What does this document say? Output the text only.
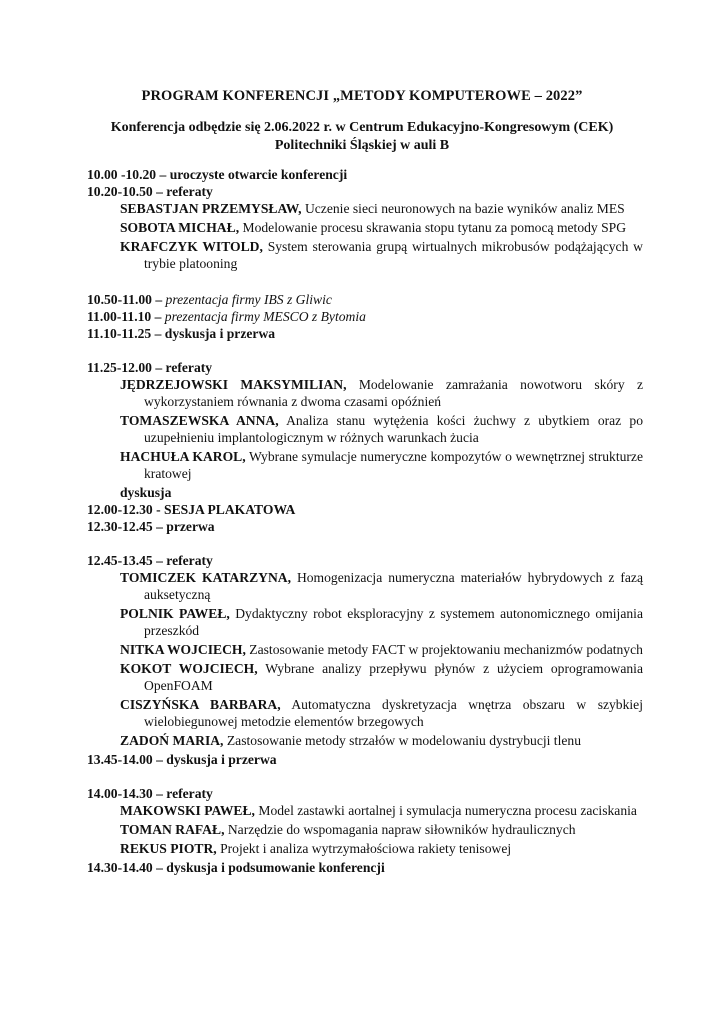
PROGRAM KONFERENCJI „METODY KOMPUTEROWE – 2022”
Konferencja odbędzie się 2.06.2022 r. w Centrum Edukacyjno-Kongresowym (CEK)
Politechniki Śląskiej w auli B
10.00 -10.20 – uroczyste otwarcie konferencji
10.20-10.50 – referaty
SEBASTJAN PRZEMYSŁAW, Uczenie sieci neuronowych na bazie wyników analiz MES
SOBOTA MICHAŁ, Modelowanie procesu skrawania stopu tytanu za pomocą metody SPG
KRAFCZYK WITOLD, System sterowania grupą wirtualnych mikrobusów podążających w trybie platooning
10.50-11.00 – prezentacja firmy IBS z Gliwic
11.00-11.10 – prezentacja firmy MESCO z Bytomia
11.10-11.25 – dyskusja i przerwa
11.25-12.00 – referaty
JĘDRZEJOWSKI MAKSYMILIAN, Modelowanie zamrażania nowotworu skóry z wykorzystaniem równania z dwoma czasami opóźnień
TOMASZEWSKA ANNA, Analiza stanu wytężenia kości żuchwy z ubytkiem oraz po uzupełnieniu implantologicznym w różnych warunkach żucia
HACHUŁA KAROL, Wybrane symulacje numeryczne kompozytów o wewnętrznej strukturze kratowej
dyskusja
12.00-12.30 - SESJA PLAKATOWA
12.30-12.45 – przerwa
12.45-13.45 – referaty
TOMICZEK KATARZYNA, Homogenizacja numeryczna materiałów hybrydowych z fazą auksetyczną
POLNIK PAWEŁ, Dydaktyczny robot eksploracyjny z systemem autonomicznego omijania przeszkód
NITKA WOJCIECH, Zastosowanie metody FACT w projektowaniu mechanizmów podatnych
KOKOT WOJCIECH, Wybrane analizy przepływu płynów z użyciem oprogramowania OpenFOAM
CISZYŃSKA BARBARA, Automatyczna dyskretyzacja wnętrza obszaru w szybkiej wielobiegunowej metodzie elementów brzegowych
ZADOŃ MARIA, Zastosowanie metody strzałów w modelowaniu dystrybucji tlenu
13.45-14.00 – dyskusja i przerwa
14.00-14.30 – referaty
MAKOWSKI PAWEŁ, Model zastawki aortalnej i symulacja numeryczna procesu zaciskania
TOMAN RAFAŁ, Narzędzie do wspomagania napraw siłowników hydraulicznych
REKUS PIOTR, Projekt i analiza wytrzymałościowa rakiety tenisowej
14.30-14.40 – dyskusja i podsumowanie konferencji
